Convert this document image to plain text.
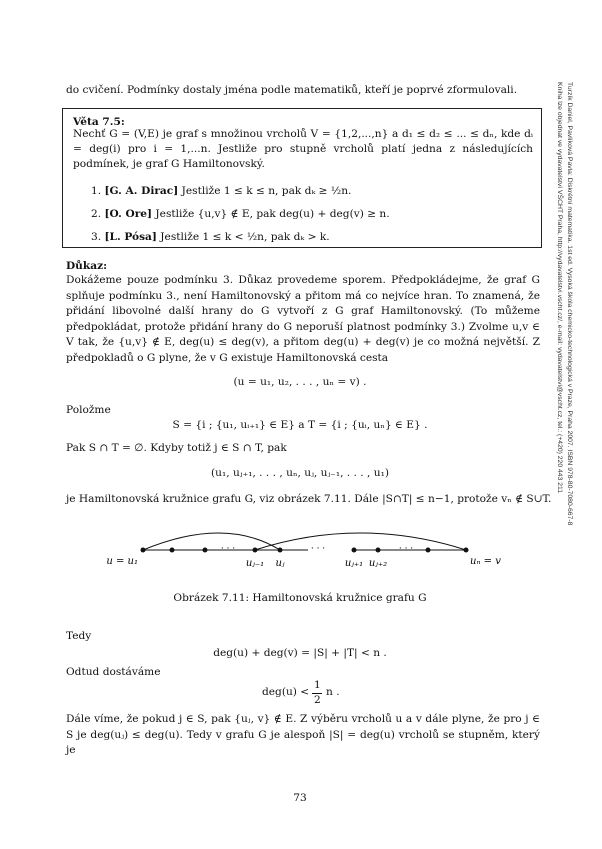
do cvičení. Podmínky dostaly jména podle matematiků, kteří je poprvé zformulovali.
Věta 7.5:
Nechť G = (V,E) je graf s množinou vrcholů V = {1,2,...,n} a d₁ ≤ d₂ ≤ ... ≤ dₙ, kde dᵢ = deg(i) pro i = 1,...n. Jestliže pro stupně vrcholů platí jedna z následujících podmínek, je graf G Hamiltonovský.
1. [G. A. Dirac] Jestliže 1 ≤ k ≤ n, pak dₖ ≥ ½n.
2. [O. Ore] Jestliže {u,v} ∉ E, pak deg(u) + deg(v) ≥ n.
3. [L. Pósa] Jestliže 1 ≤ k < ½n, pak dₖ > k.
Důkaz:
Dokážeme pouze podmínku 3. Důkaz provedeme sporem. Předpokládejme, že graf G splňuje podmínku 3., není Hamiltonovský a přitom má co nejvíce hran. To znamená, že přidání libovolné další hrany do G vytvoří z G graf Hamiltonovský. (To můžeme předpokládat, protože přidání hrany do G neporuší platnost podmínky 3.) Zvolme u,v ∈ V tak, že {u,v} ∉ E, deg(u) ≤ deg(v), a přitom deg(u) + deg(v) je co možná největší. Z předpokladů o G plyne, že v G existuje Hamiltonovská cesta
(u = u₁, u₂, . . . , uₙ = v) .
Položme
S = {i ; {u₁, uᵢ₊₁} ∈ E} a T = {i ; {uᵢ, uₙ} ∈ E} .
Pak S ∩ T = ∅. Kdyby totiž j ∈ S ∩ T, pak
(u₁, uⱼ₊₁, . . . , uₙ, uⱼ, uⱼ₋₁, . . . , u₁)
je Hamiltonovská kružnice grafu G, viz obrázek 7.11. Dále |S∩T| ≤ n−1, protože vₙ ∉ S∪T.
· · ·	· · ·	· · ·
u = u₁	uⱼ₋₁ uⱼ	uⱼ₊₁ uⱼ₊₂	uₙ = v
Obrázek 7.11: Hamiltonovská kružnice grafu G
Tedy
deg(u) + deg(v) = |S| + |T| < n .
Odtud dostáváme
deg(u) <
1
2
n .
Dále víme, že pokud j ∈ S, pak {uⱼ, v} ∉ E. Z výběru vrcholů u a v dále plyne, že pro j ∈ S je deg(uⱼ) ≤ deg(u). Tedy v grafu G je alespoň |S| = deg(u) vrcholů se stupněm, který je
73
Turzík Daniel, Pavlíková Pavla: Diskrétní matematika. 1st ed. Vysoká škola chemicko-technologická v Praze, Praha 2007. ISBN 978-80-7080-667-8
Kniha lze objednat ve vydavatelství VŠCHT Praha, http://vydavatelstvi.vscht.cz/, e-mail: vydavatelstvi@vscht.cz, tel.: (+420) 220 443 211
